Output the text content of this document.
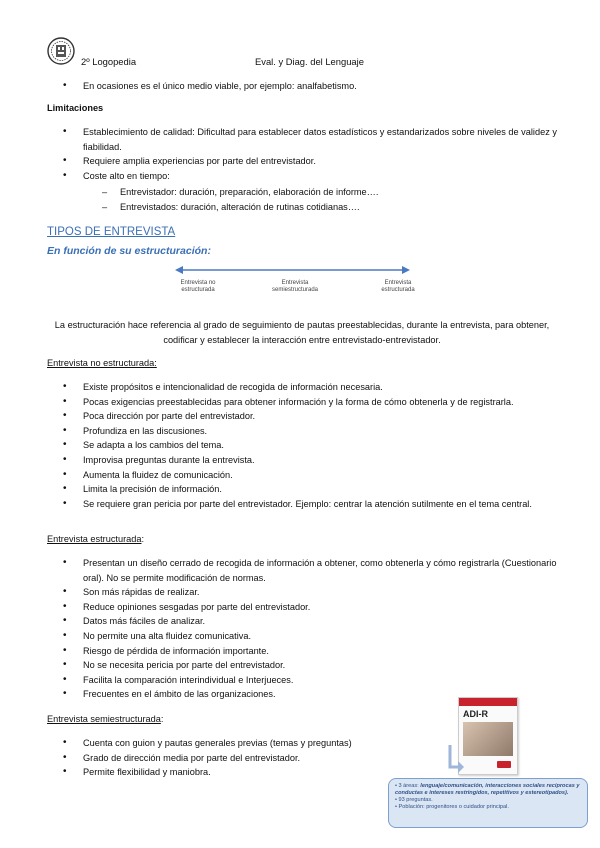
2º Logopedia	Eval. y Diag. del Lenguaje
• En ocasiones es el único medio viable, por ejemplo: analfabetismo.
Limitaciones
• Establecimiento de calidad: Dificultad para establecer datos estadísticos y estandarizados sobre niveles de validez y fiabilidad.
• Requiere amplia experiencias por parte del entrevistador.
• Coste alto en tiempo:
– Entrevistador: duración, preparación, elaboración de informe….
– Entrevistados: duración, alteración de rutinas cotidianas….
TIPOS DE ENTREVISTA
En función de su estructuración:
Entrevista no estructurada
Entrevista semiestructurada
Entrevista estructurada
La estructuración hace referencia al grado de seguimiento de pautas preestablecidas, durante la entrevista, para obtener, codificar y establecer la interacción entre entrevistado-entrevistador.
Entrevista no estructurada:
• Existe propósitos e intencionalidad de recogida de información necesaria.
• Pocas exigencias preestablecidas para obtener información y la forma de cómo obtenerla y de registrarla.
• Poca dirección por parte del entrevistador.
• Profundiza en las discusiones.
• Se adapta a los cambios del tema.
• Improvisa preguntas durante la entrevista.
• Aumenta la fluidez de comunicación.
• Limita la precisión de información.
• Se requiere gran pericia por parte del entrevistador. Ejemplo: centrar la atención sutilmente en el tema central.
Entrevista estructurada:
• Presentan un diseño cerrado de recogida de información a obtener, como obtenerla y cómo registrarla (Cuestionario oral). No se permite modificación de normas.
• Son más rápidas de realizar.
• Reduce opiniones sesgadas por parte del entrevistador.
• Datos más fáciles de analizar.
• No permite una alta fluidez comunicativa.
• Riesgo de pérdida de información importante.
• No se necesita pericia por parte del entrevistador.
• Facilita la comparación interindividual e Interjueces.
• Frecuentes en el ámbito de las organizaciones.
Entrevista semiestructurada:
• Cuenta con guion y pautas generales previas (temas y preguntas)
• Grado de dirección media por parte del entrevistador.
• Permite flexibilidad y maniobra.
ADI-R
• 3 áreas: lenguaje/comunicación, interacciones sociales recíprocas y conductas e intereses restringidos, repetitivos y estereotipados).
• 93 preguntas.
• Población: progenitores o cuidador principal.
